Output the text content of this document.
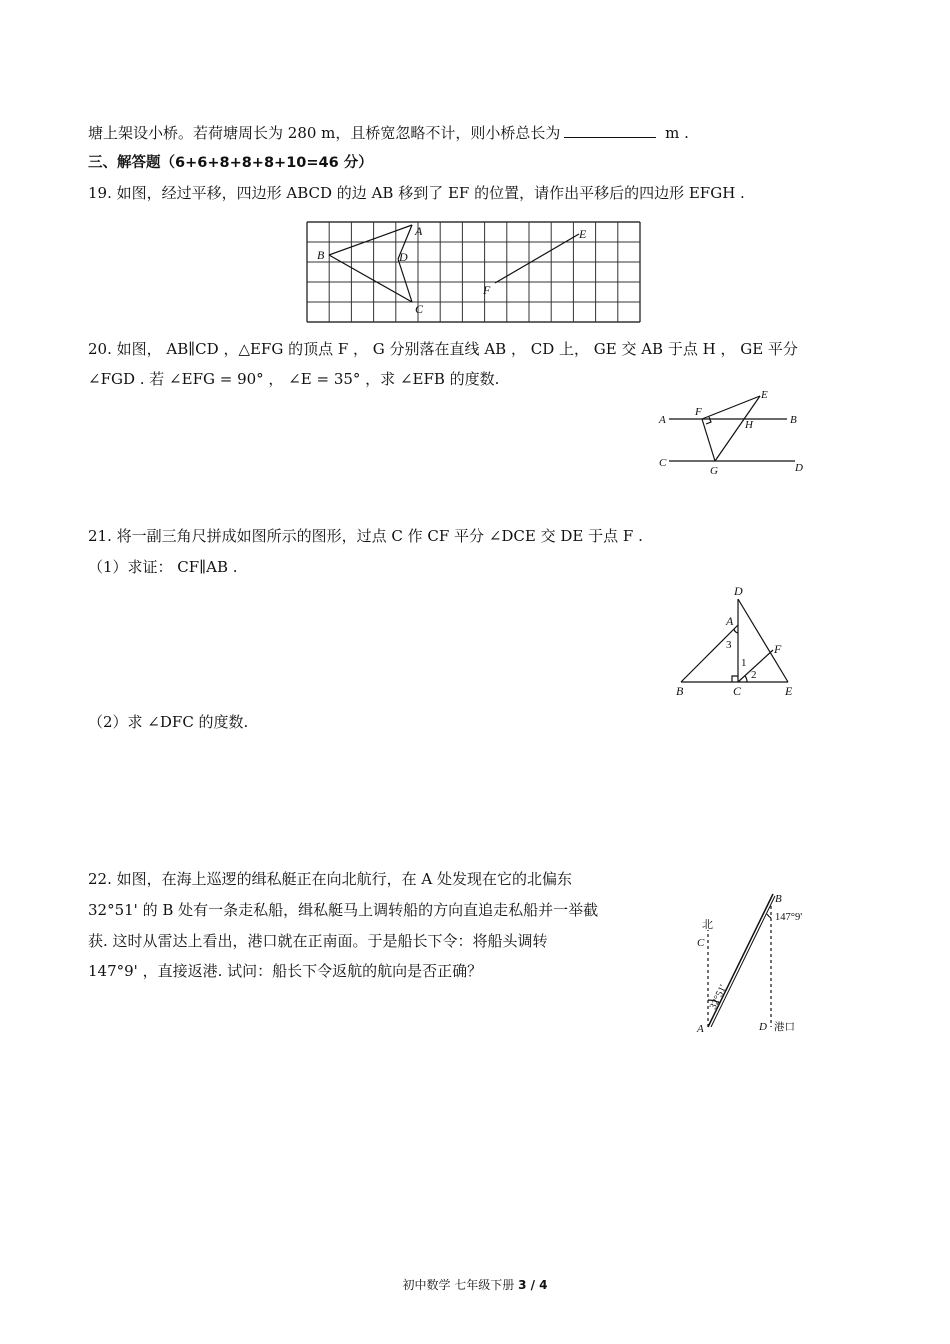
塘上架设小桥。若荷塘周长为 280 m，且桥宽忽略不计，则小桥总长为	m .
三、解答题（6+6+8+8+8+10=46 分）
19. 如图，经过平移，四边形 ABCD 的边 AB 移到了 EF 的位置，请作出平移后的四边形 EFGH .
A
B
C
D
E
F
20. 如图， AB∥CD ，△EFG 的顶点 F ， G 分别落在直线 AB ， CD 上， GE 交 AB 于点 H ， GE 平分
∠FGD . 若 ∠EFG = 90° ， ∠E = 35° ，求 ∠EFB 的度数.
A	B
C	D
E
F
G
H
21. 将一副三角尺拼成如图所示的图形，过点 C 作 CF 平分 ∠DCE 交 DE 于点 F .
（1）求证： CF∥AB .
D
A
B	C	E
F
1
2
3
（2）求 ∠DFC 的度数.
22. 如图，在海上巡逻的缉私艇正在向北航行，在 A 处发现在它的北偏东
32°51' 的 B 处有一条走私船，缉私艇马上调转船的方向直追走私船并一举截
获. 这时从雷达上看出，港口就在正南面。于是船长下令：将船头调转
147°9' ，直接返港. 试问：船长下令返航的航向是否正确？
北
C
A
B
D 港口
147°9'
32°51'
初中数学 七年级下册 3 / 4
